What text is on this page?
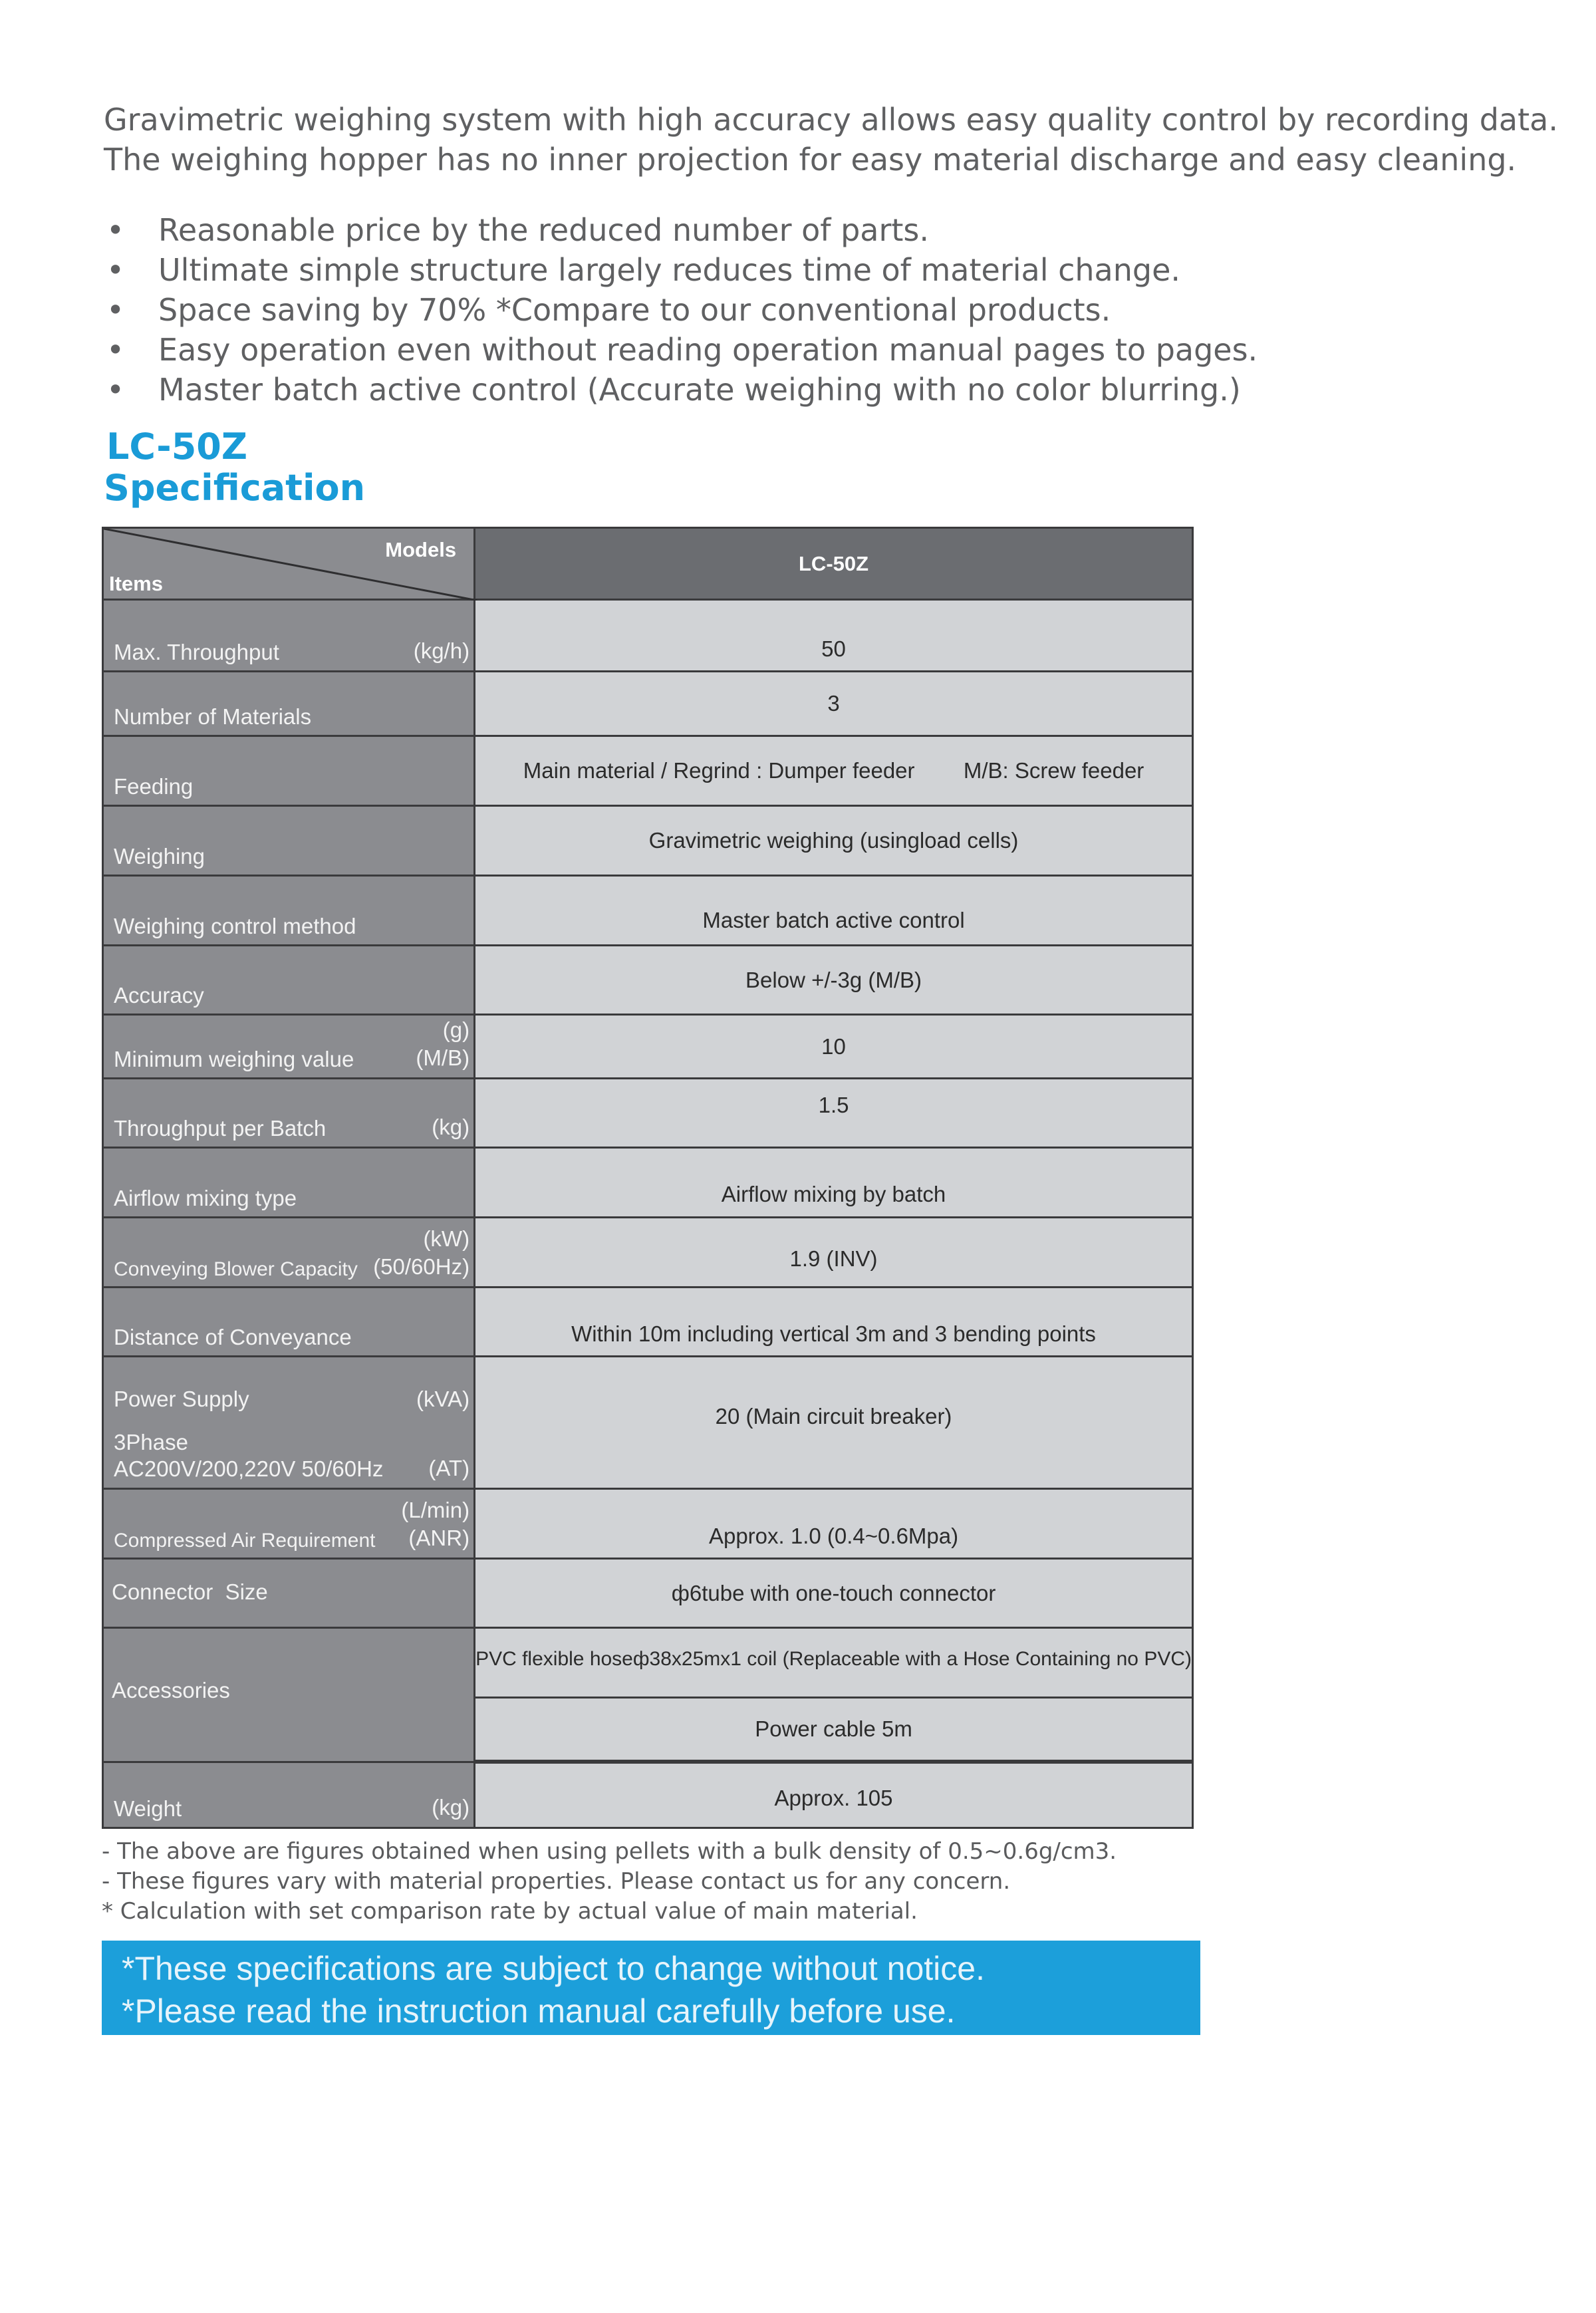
Gravimetric weighing system with high accuracy allows easy quality control by recording data.

The weighing hopper has no inner projection for easy material discharge and easy cleaning.

• Reasonable price by the reduced number of parts.
• Ultimate simple structure largely reduces time of material change.
• Space saving by 70% *Compare to our conventional products.
• Easy operation even without reading operation manual pages to pages.
• Master batch active control (Accurate weighing with no color blurring.)
LC-50Z
Specification
Models
Items	LC-50Z

Max. Throughput (kg/h)	50

Number of Materials	3

Feeding	Main material / Regrind : Dumper feeder        M/B: Screw feeder

Weighing	Gravimetric weighing (usingload cells)

Weighing control method	Master batch active control

Accuracy	Below +/-3g (M/B)

Minimum weighing value
(g)
(M/B)	10

Throughput per Batch (kg)	1.5

Airflow mixing type	Airflow mixing by batch

Conveying Blower Capacity
(kW)
(50/60Hz)	1.9 (INV)

Distance of Conveyance	Within 10m including vertical 3m and 3 bending points

Power Supply (kVA)
3Phase
AC200V/200,220V 50/60Hz (AT)	20 (Main circuit breaker)

Compressed Air Requirement
(L/min)
(ANR)	Approx. 1.0 (0.4~0.6Mpa)

Connector  Size	ф6tube with one-touch connector

Accessories	PVC flexible hoseф38x25mx1 coil (Replaceable with a Hose Containing no PVC)
	Power cable 5m

Weight (kg)	Approx. 105

- The above are figures obtained when using pellets with a bulk density of 0.5~0.6g/cm3.

- These figures vary with material properties. Please contact us for any concern.

* Calculation with set comparison rate by actual value of main material.

*These specifications are subject to change without notice.

*Please read the instruction manual carefully before use.
